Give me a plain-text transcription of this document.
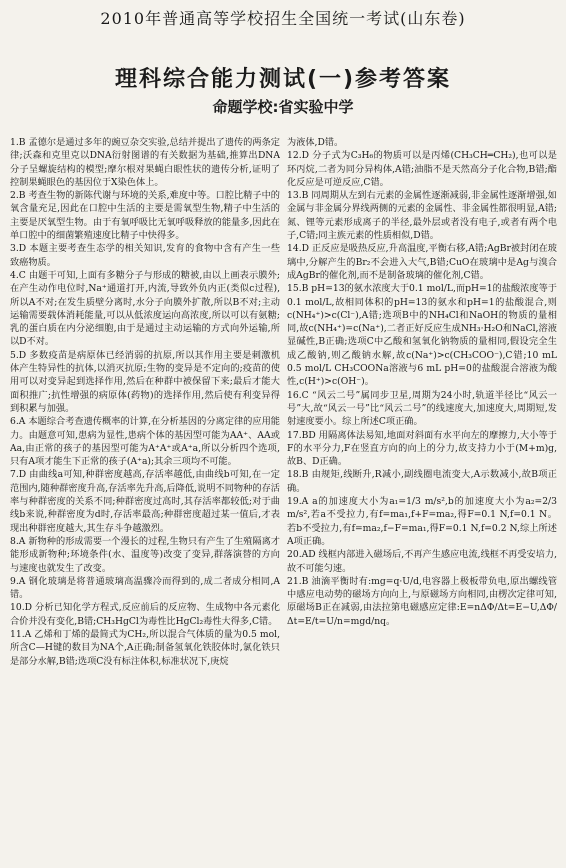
2010年普通高等学校招生全国统一考试(山东卷)
理科综合能力测试(一)参考答案
命题学校:省实验中学

1.B 孟德尔是通过多年的豌豆杂交实验,总结并提出了遗传的两条定律;沃森和克里克以DNA衍射图谱的有关数据为基础,推算出DNA分子呈螺旋结构的模型;摩尔根对果蝇白眼性状的遗传分析,证明了控制果蝇眼色的基因位于X染色体上。

2.B 考查生物的新陈代谢与环境的关系,难度中等。口腔比精子中的氧含量充足,因此在口腔中生活的主要是需氧型生物,精子中生活的主要是厌氧型生物。由于有氧呼吸比无氧呼吸释放的能量多,因此在单口腔中的细菌繁殖速度比精子中快得多。

3.D 本题主要考查生态学的相关知识,发育的食物中含有产生一些致癌物质。

4.C 由题干可知,上面有多糖分子与形成的糖被,由以上画表示膜外;在产生动作电位时,Na⁺通道打开,内流,导致外负内正(类似c过程),所以A不对;在发生质壁分离时,水分子向膜外扩散,所以B不对;主动运输需要载体消耗能量,可以从低浓度运向高浓度,所以可以有氨糖;乳的蛋白质在内分泌细胞,由于是通过主动运输的方式向外运输,所以D不对。

5.D 多数疫苗是病原体已经消弱的抗原,所以其作用主要是刺激机体产生特异性的抗体,以消灭抗原;生物的变异是不定向的;疫苗的使用可以对变异起到选择作用,然后在种群中被保留下来;最后才能大面积推广;抗性增强的病原体(药物)的选择作用,然后使有利变异得到积累与加强。

6.A 本题综合考查遗传概率的计算,在分析基因的分离定律的应用能力。由题意可知,患病为显性,患病个体的基因型可能为AA⁺、AA或Aa,由正常的孩子的基因型可能为A⁺A⁺或A⁺a,所以分析四个选项,只有A项才能生下正常的孩子(A⁺a);其余三项均不可能。

7.D 由曲线a可知,种群密度越高,存活率越低,由曲线b可知,在一定范围内,随种群密度升高,存活率先升高,后降低,说明不同物种的存活率与种群密度的关系不同;种群密度过高时,其存活率都较低;对于曲线b来说,种群密度为d时,存活率最高;种群密度超过某一值后,才表现出种群密度越大,其生存斗争越激烈。

8.A 新物种的形成需要一个漫长的过程,生物只有产生了生殖隔离才能形成新物种;环境条件(水、温度等)改变了变异,群落演替的方向与速度也就发生了改变。

9.A 钢化玻璃是将普通玻璃高温骤冷而得到的,成二者成分相同,A错。

10.D 分析已知化学方程式,反应前后的反应物、生成物中各元素化合价并没有变化,B错;CH₃HgCl为毒性比HgCl₂毒性大得多,C错。

11.A 乙烯和丁烯的最简式为CH₂,所以混合气体质的量为0.5 mol,所含C—H键的数目为NA个,A正确;制备氢氧化铁胶体时,氯化铁只是部分水解,B错;选项C没有标注体积,标准状况下,庚烷

为液体,D错。

12.D 分子式为C₃H₆的物质可以是丙烯(CH₃CH═CH₂),也可以是环丙烷,二者为同分异构体,A错;油脂不是天然高分子化合物,B错;酯化反应是可逆反应,C错。

13.B 同周期从左到右元素的金属性逐渐减弱,非金属性逐渐增强,如金属与非金属分界线两侧的元素的金属性、非金属性都很明显,A错;氮、锂等元素形成离子的半径,最外层或者没有电子,或者有两个电子,C错;同主族元素的性质相似,D错。

14.D 正反应是吸热反应,升高温度,平衡右移,A错;AgBr被封闭在玻璃中,分解产生的Br₂不会进入大气,B错;CuO在玻璃中是Ag与溴合成AgBr的催化剂,而不是制备玻璃的催化剂,C错。

15.B pH=13的氨水浓度大于0.1 mol/L,而pH=1的盐酸浓度等于0.1 mol/L,故相同体积的pH=13的氨水和pH=1的盐酸混合,则c(NH₄⁺)>c(Cl⁻),A错;选项B中的NH₄Cl和NaOH的物质的量相同,故c(NH₄⁺)=c(Na⁺),二者正好反应生成NH₃·H₂O和NaCl,溶液显碱性,B正确;选项C中乙酸和氢氧化钠物质的量相同,假设完全生成乙酸钠,则乙酸钠水解,故c(Na⁺)>c(CH₃COO⁻),C错;10 mL 0.5 mol/L CH₃COONa溶液与6 mL pH=0的盐酸混合溶液为酸性,c(H⁺)>c(OH⁻)。

16.C “风云二号”属同步卫星,周期为24小时,轨道半径比“风云一号”大,故“风云一号”比“风云二号”的线速度大,加速度大,周期短,发射速度要小。综上所述C项正确。

17.BD 用隔离体法易知,地面对斜面有水平向左的摩擦力,大小等于F的水平分力,F在竖直方向的向上的分力,故支持力小于(M+m)g,故B、D正确。

18.B 由规矩,线断升,R减小,副线圈电流变大,A示数减小,故B项正确。

19.A a的加速度大小为a₁=1/3 m/s²,b的加速度大小为a₂=2/3 m/s²,若a不受拉力,有f=ma₁,f+F=ma₂,得F=0.1 N,f=0.1 N。若b不受拉力,有f=ma₂,f−F=ma₁,得F=0.1 N,f=0.2 N,综上所述A项正确。

20.AD 线框内部进入磁场后,不再产生感应电流,线框不再受安培力,故不可能匀速。

21.B 油滴平衡时有:mg=q·U/d,电容器上极板带负电,原出螺线管中感应电动势的磁场方向向上,与原磁场方向相同,由楞次定律可知,原磁场B正在减弱,由法拉第电磁感应定律:E=nΔΦ/Δt=E−U,ΔΦ/Δt=E/t=U/n=mgd/nq。
